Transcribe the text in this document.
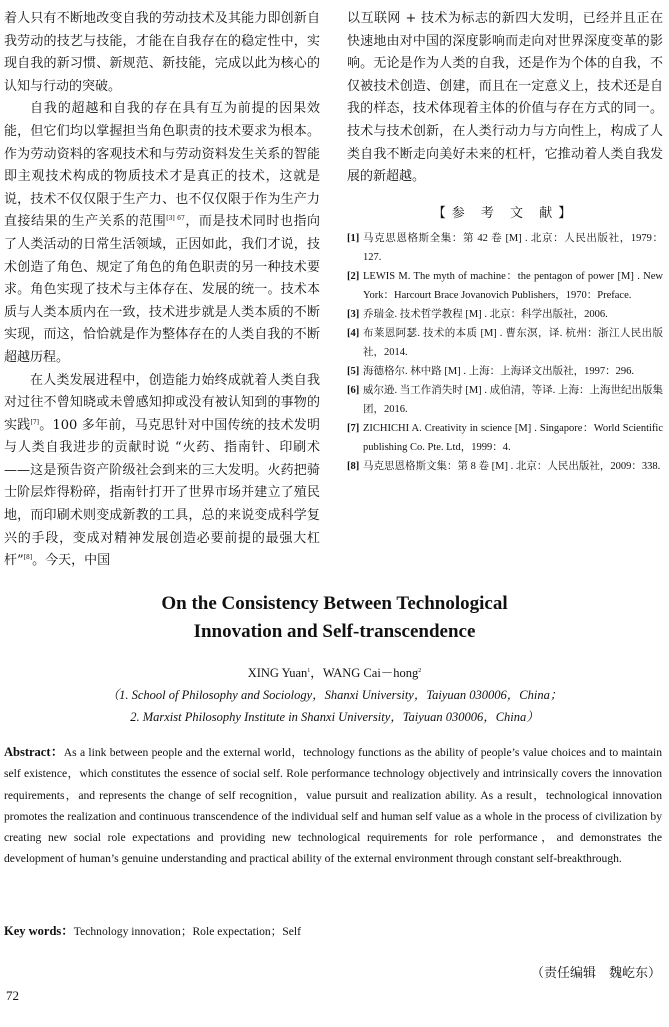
着人只有不断地改变自我的劳动技术及其能力即创新自我劳动的技艺与技能，才能在自我存在的稳定性中，实现自我的新习惯、新规范、新技能，完成以此为核心的认知与行动的突破。

自我的超越和自我的存在具有互为前提的因果效能，但它们均以掌握担当角色职责的技术要求为根本。作为劳动资料的客观技术和与劳动资料发生关系的智能即主观技术构成的物质技术才是真正的技术，这就是说，技术不仅仅限于生产力、也不仅仅限于作为生产力直接结果的生产关系的范围$^{[3] 67}$，而是技术同时也指向了人类活动的日常生活领域，正因如此，我们才说，技术创造了角色、规定了角色的角色职责的另一种技术要求。角色实现了技术与主体存在、发展的统一。技术本质与人类本质内在一致，技术进步就是人类本质的不断实现，而这，恰恰就是作为整体存在的人类自我的不断超越历程。

在人类发展进程中，创造能力始终成就着人类自我对过往不曾知晓或未曾感知抑或没有被认知到的事物的实践[7]。100 多年前，马克思针对中国传统的技术发明与人类自我进步的贡献时说 “火药、指南针、印刷术——这是预告资产阶级社会到来的三大发明。火药把骑士阶层炸得粉碎，指南针打开了世界市场并建立了殖民地，而印刷术则变成新教的工具，总的来说变成科学复兴的手段，变成对精神发展创造必要前提的最强大杠杆”[8]。今天，中国

以互联网 + 技术为标志的新四大发明，已经并且正在快速地由对中国的深度影响而走向对世界深度变革的影响。无论是作为人类的自我，还是作为个体的自我，不仅被技术创造、创建，而且在一定意义上，技术还是自我的样态，技术体现着主体的价值与存在方式的同一。技术与技术创新，在人类行动力与方向性上，构成了人类自我不断走向美好未来的杠杆，它推动着人类自我发展的新超越。

【参 考 文 献】
[1] 马克思恩格斯全集：第 42 卷 [M] . 北京：人民出版社，1979：127.
[2] LEWIS M. The myth of machine：the pentagon of power [M] . New York：Harcourt Brace Jovanovich Publishers，1970：Preface.
[3] 乔瑞金. 技术哲学教程 [M] . 北京：科学出版社，2006.
[4] 布莱恩阿瑟. 技术的本质 [M] . 曹东溟，译. 杭州：浙江人民出版社，2014.
[5] 海德格尔. 林中路 [M] . 上海：上海译文出版社，1997：296.
[6] 威尔逊. 当工作消失时 [M] . 成伯清，等译. 上海：上海世纪出版集团，2016.
[7] ZICHICHI A. Creativity in science [M] . Singapore：World Scientific publishing Co. Pte. Ltd，1999：4.
[8] 马克思恩格斯文集：第 8 卷 [M] . 北京：人民出版社，2009：338.
On the Consistency Between Technological
Innovation and Self-transcendence
XING Yuan$^1$，WANG Cai－hong$^2$
（1. School of Philosophy and Sociology，Shanxi University，Taiyuan 030006，China；
2. Marxist Philosophy Institute in Shanxi University，Taiyuan 030006，China）

Abstract：As a link between people and the external world，technology functions as the ability of people’s value choices and to maintain self existence，which constitutes the essence of social self. Role performance technology objectively and intrinsically covers the innovation requirements，and represents the change of self recognition，value pursuit and realization ability. As a result，technological innovation promotes the realization and continuous transcendence of the individual self and human self value as a whole in the process of civilization by creating new social role expectations and providing new technological requirements for role performance，and demonstrates the development of human’s genuine understanding and practical ability of the external environment through constant self-breakthrough.

Key words：Technology innovation；Role expectation；Self
（责任编辑　魏屹东）
72
